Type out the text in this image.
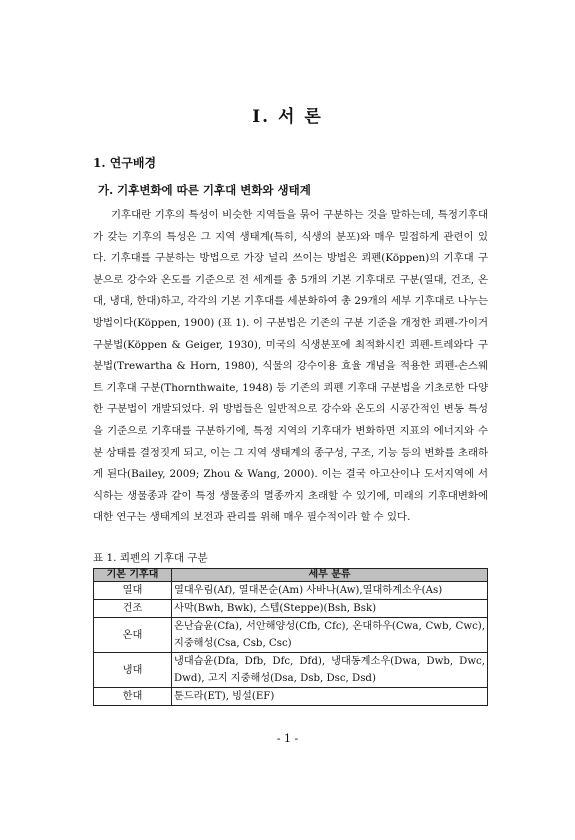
Ⅰ. 서 론
1. 연구배경
가. 기후변화에 따른 기후대 변화와 생태계

기후대란 기후의 특성이 비슷한 지역들을 묶어 구분하는 것을 말하는데, 특정기후대가 갖는 기후의 특성은 그 지역 생태계(특히, 식생의 분포)와 매우 밀접하게 관련이 있다. 기후대를 구분하는 방법으로 가장 널리 쓰이는 방법은 쾨펜(Köppen)의 기후대 구분으로 강수와 온도를 기준으로 전 세계를 총 5개의 기본 기후대로 구분(열대, 건조, 온대, 냉대, 한대)하고, 각각의 기본 기후대를 세분화하여 총 29개의 세부 기후대로 나누는 방법이다(Köppen, 1900) (표 1). 이 구분법은 기존의 구분 기준을 개정한 쾨펜-가이거 구분법(Köppen & Geiger, 1930), 미국의 식생분포에 최적화시킨 쾨펜-트레와다 구분법(Trewartha & Horn, 1980), 식물의 강수이용 효율 개념을 적용한 쾨펜-손스웨트 기후대 구분(Thornthwaite, 1948) 등 기존의 쾨펜 기후대 구분법을 기초로한 다양한 구분법이 개발되었다. 위 방법들은 일반적으로 강수와 온도의 시공간적인 변동 특성을 기준으로 기후대를 구분하기에, 특정 지역의 기후대가 변화하면 지표의 에너지와 수분 상태를 결정짓게 되고, 이는 그 지역 생태계의 종구성, 구조, 기능 등의 변화를 초래하게 된다(Bailey, 2009; Zhou & Wang, 2000). 이는 결국 아고산이나 도서지역에 서식하는 생물종과 같이 특정 생물종의 멸종까지 초래할 수 있기에, 미래의 기후대변화에 대한 연구는 생태계의 보전과 관리를 위해 매우 필수적이라 할 수 있다.

표 1. 쾨펜의 기후대 구분
기본 기후대	세부 분류
열대	열대우림(Af), 열대몬순(Am) 사바나(Aw),열대하계소우(As)
건조	사막(Bwh, Bwk), 스텝(Steppe)(Bsh, Bsk)
온대	온난습윤(Cfa), 서안해양성(Cfb, Cfc), 온대하우(Cwa, Cwb, Cwc), 지중해성(Csa, Csb, Csc)
냉대	냉대습윤(Dfa, Dfb, Dfc, Dfd), 냉대동계소우(Dwa, Dwb, Dwc, Dwd), 고지 지중해성(Dsa, Dsb, Dsc, Dsd)
한대	툰드라(ET), 빙설(EF)
- 1 -
